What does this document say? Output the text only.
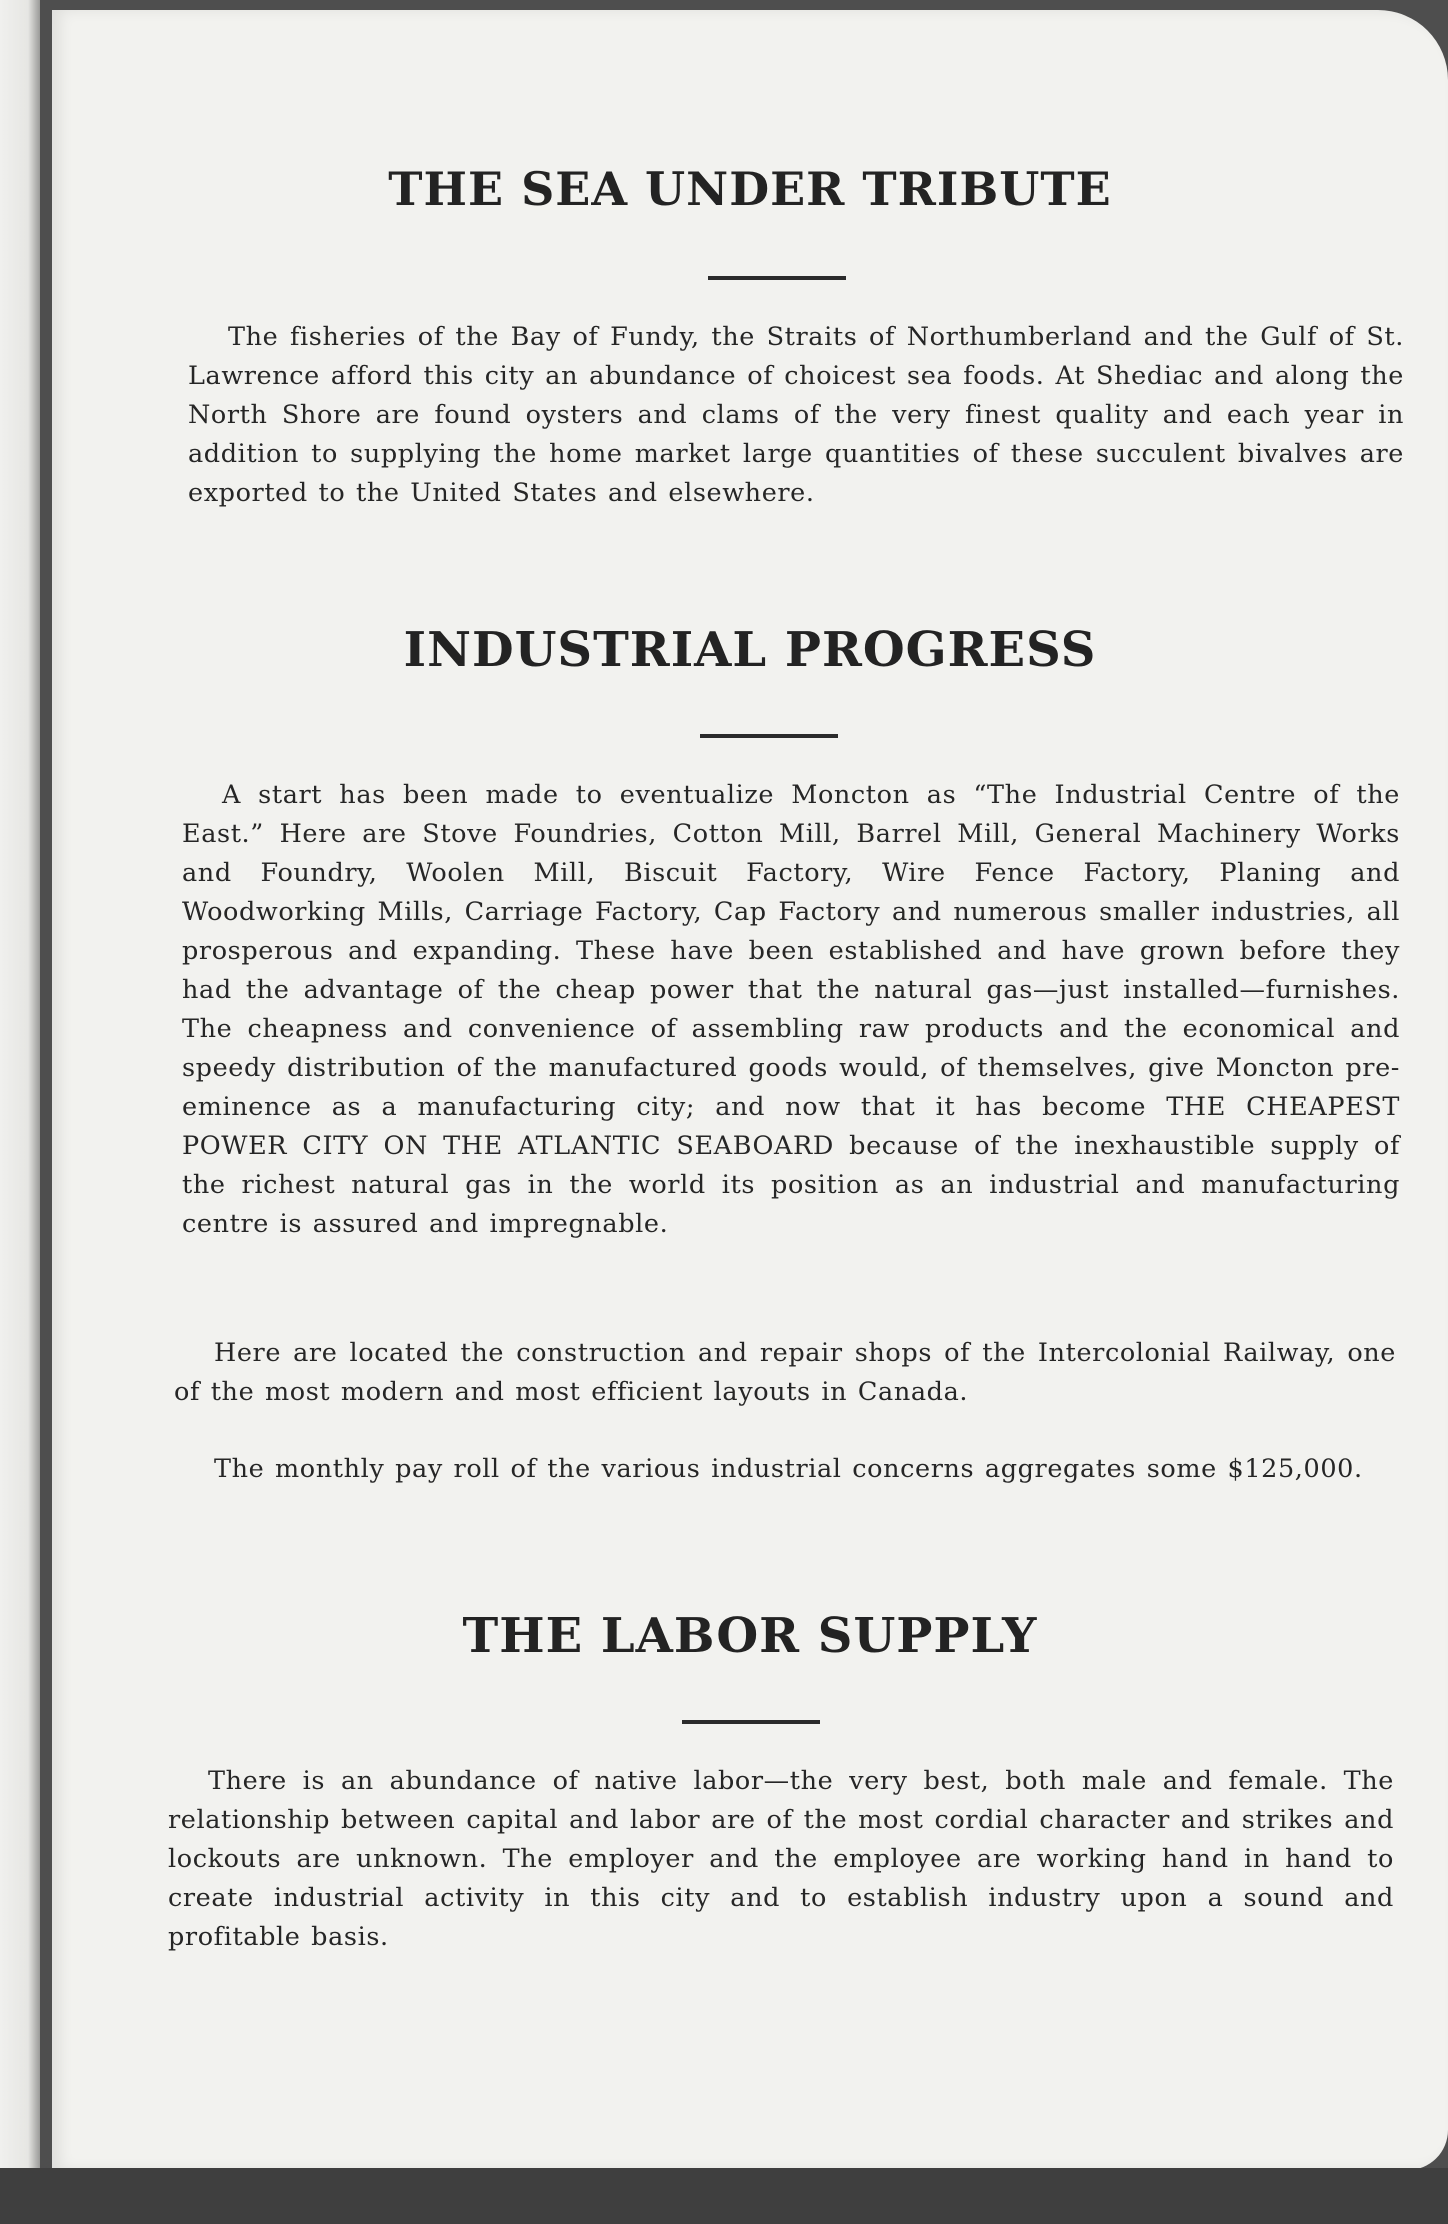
THE SEA UNDER TRIBUTE

The fisheries of the Bay of Fundy, the Straits of Northumberland and the Gulf of St. Lawrence afford this city an abundance of choicest sea foods. At Shediac and along the North Shore are found oysters and clams of the very finest quality and each year in addition to supplying the home market large quantities of these succulent bivalves are exported to the United States and elsewhere.

INDUSTRIAL PROGRESS

A start has been made to eventualize Moncton as “The Industrial Centre of the East.” Here are Stove Foundries, Cotton Mill, Barrel Mill, General Machinery Works and Foundry, Woolen Mill, Biscuit Factory, Wire Fence Factory, Planing and Woodworking Mills, Carriage Factory, Cap Factory and numerous smaller industries, all prosperous and expanding. These have been established and have grown before they had the advantage of the cheap power that the natural gas—just installed—furnishes. The cheapness and convenience of assembling raw products and the economical and speedy distribution of the manufactured goods would, of themselves, give Moncton pre-eminence as a manufacturing city; and now that it has become THE CHEAPEST POWER CITY ON THE ATLANTIC SEABOARD because of the inexhaustible supply of the richest natural gas in the world its position as an industrial and manufacturing centre is assured and impregnable.

Here are located the construction and repair shops of the Intercolonial Railway, one of the most modern and most efficient layouts in Canada.

The monthly pay roll of the various industrial concerns aggregates some $125,000.

THE LABOR SUPPLY

There is an abundance of native labor—the very best, both male and female. The relationship between capital and labor are of the most cordial character and strikes and lockouts are unknown. The employer and the employee are working hand in hand to create industrial activity in this city and to establish industry upon a sound and profitable basis.
